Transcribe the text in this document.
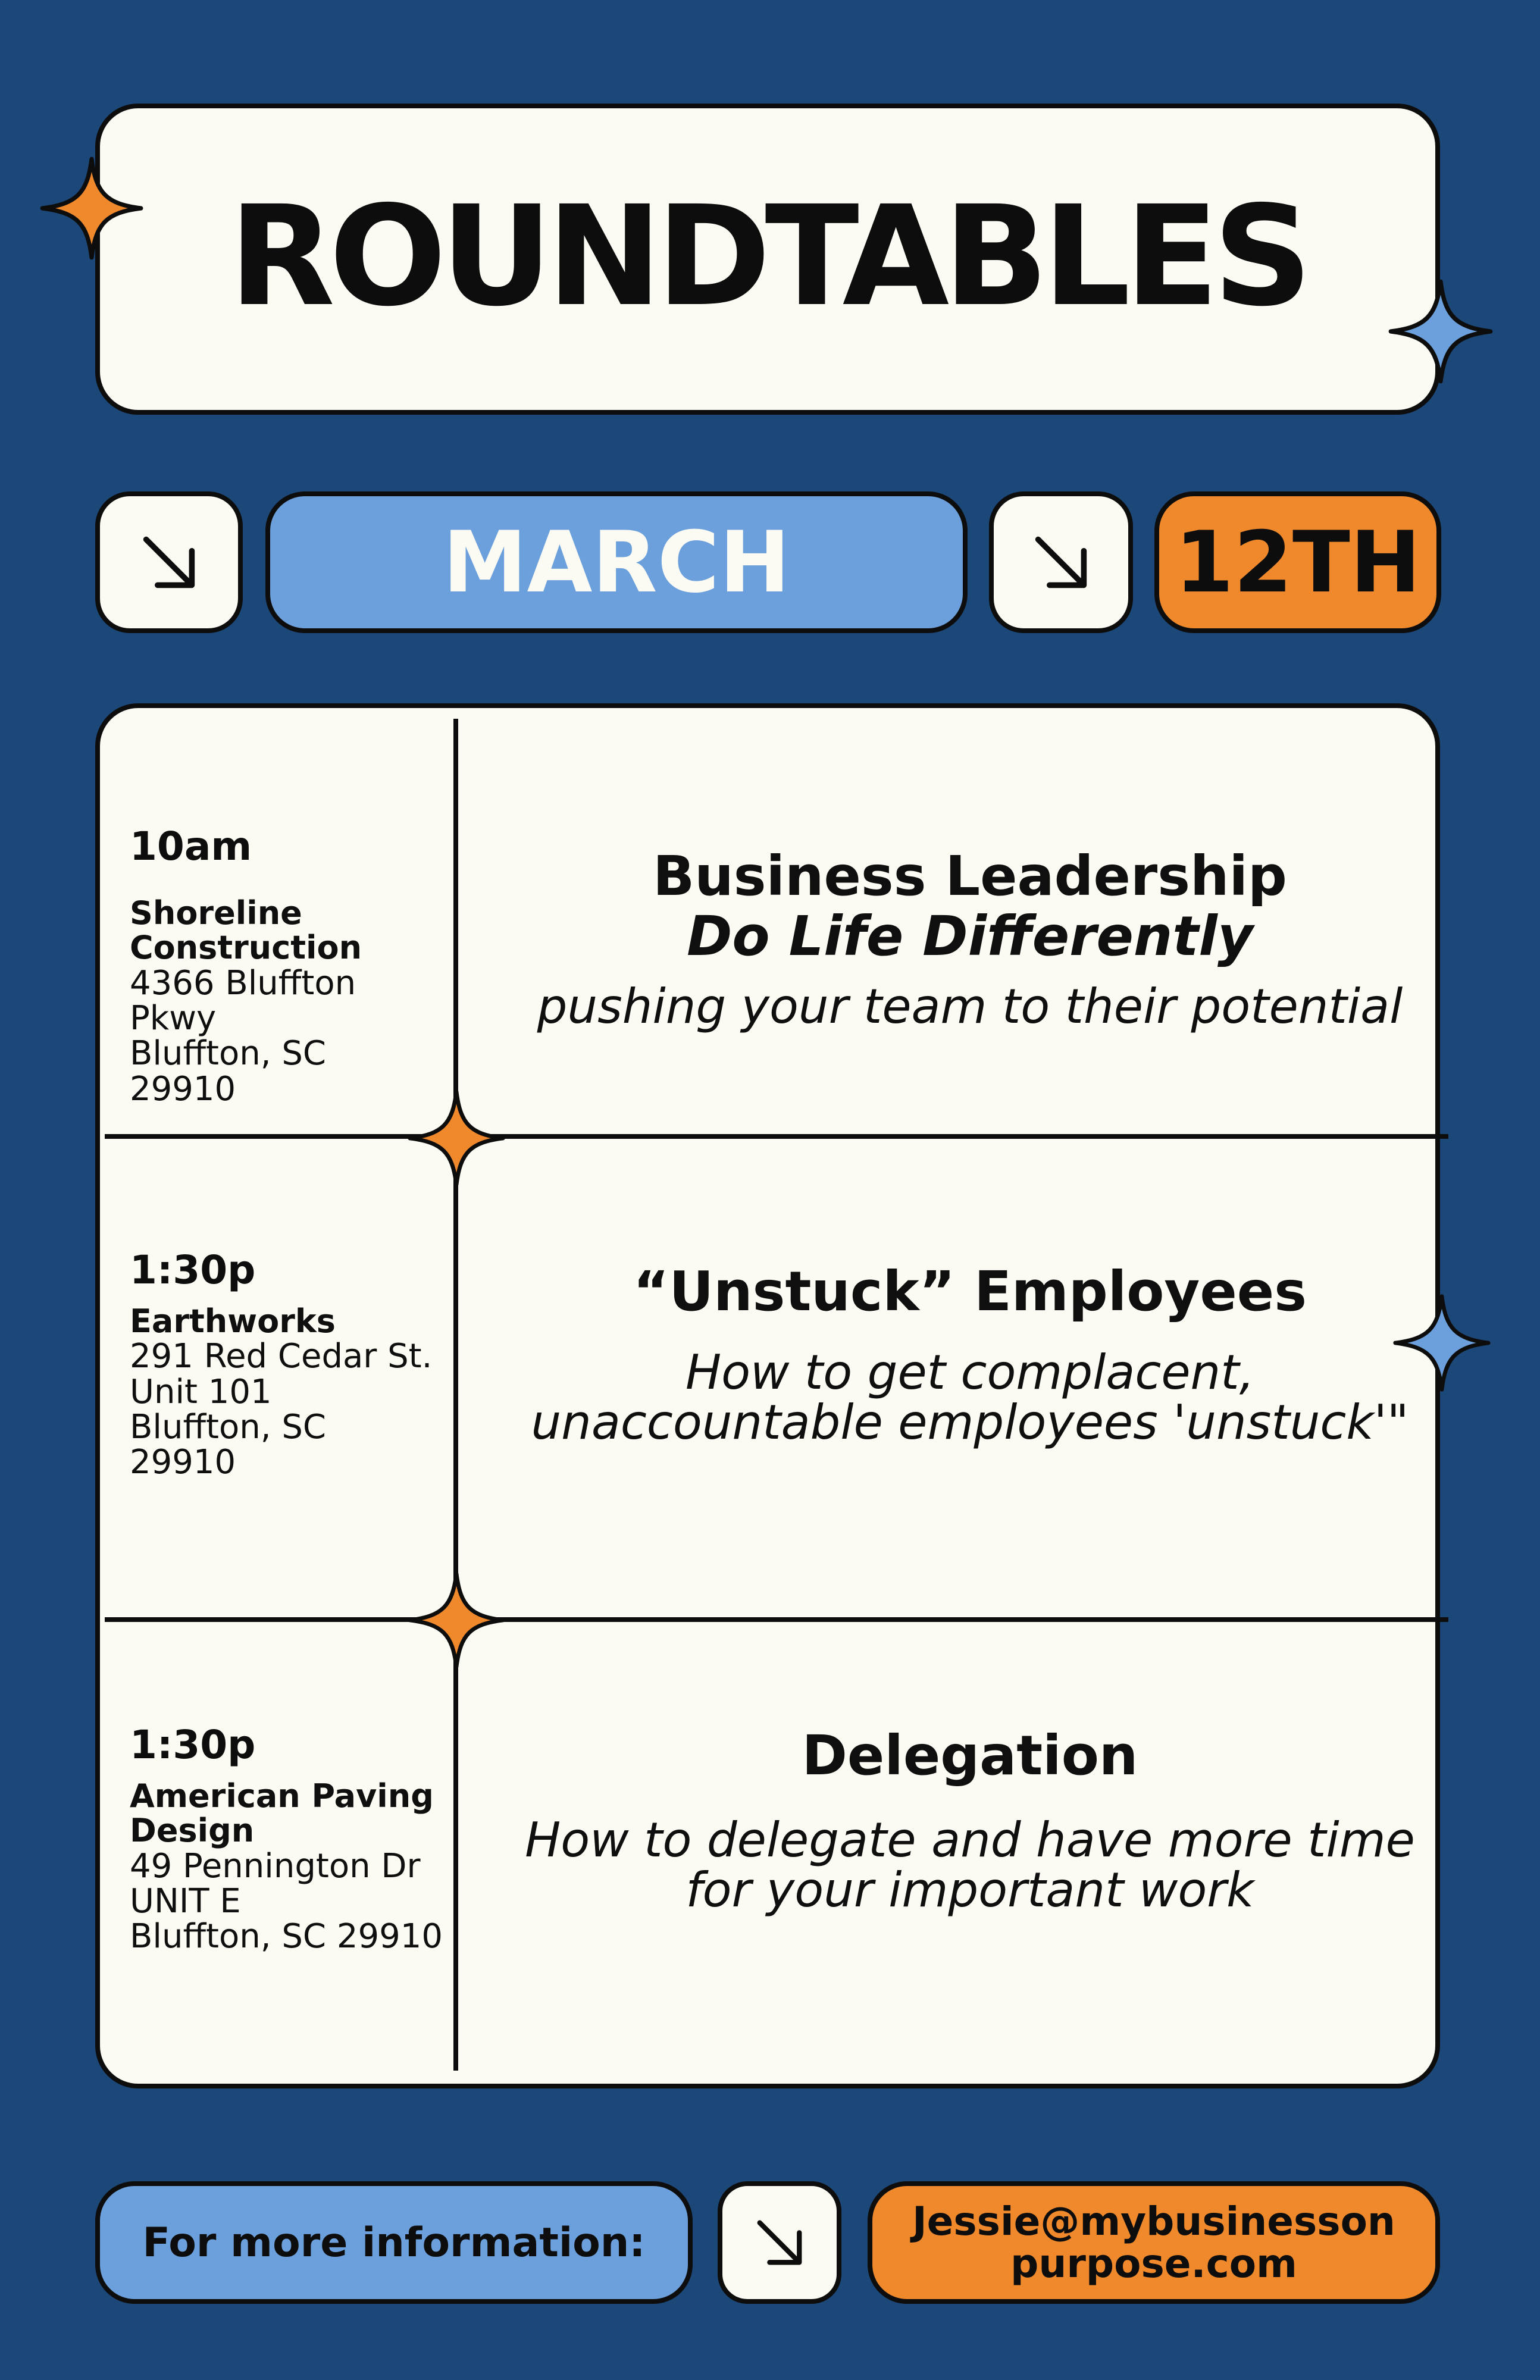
ROUNDTABLES
MARCH	12TH
10am
Shoreline Construction
4366 Bluffton Pkwy
Bluffton, SC 29910
Business Leadership
Do Life Differently
pushing your team to their potential
1:30p
Earthworks
291 Red Cedar St.
Unit 101
Bluffton, SC 29910
“Unstuck” Employees
How to get complacent,
unaccountable employees 'unstuck'"
1:30p
American Paving Design
49 Pennington Dr
UNIT E
Bluffton, SC 29910
Delegation
How to delegate and have more time
for your important work
For more information:	Jessie@mybusinesson
purpose.com
